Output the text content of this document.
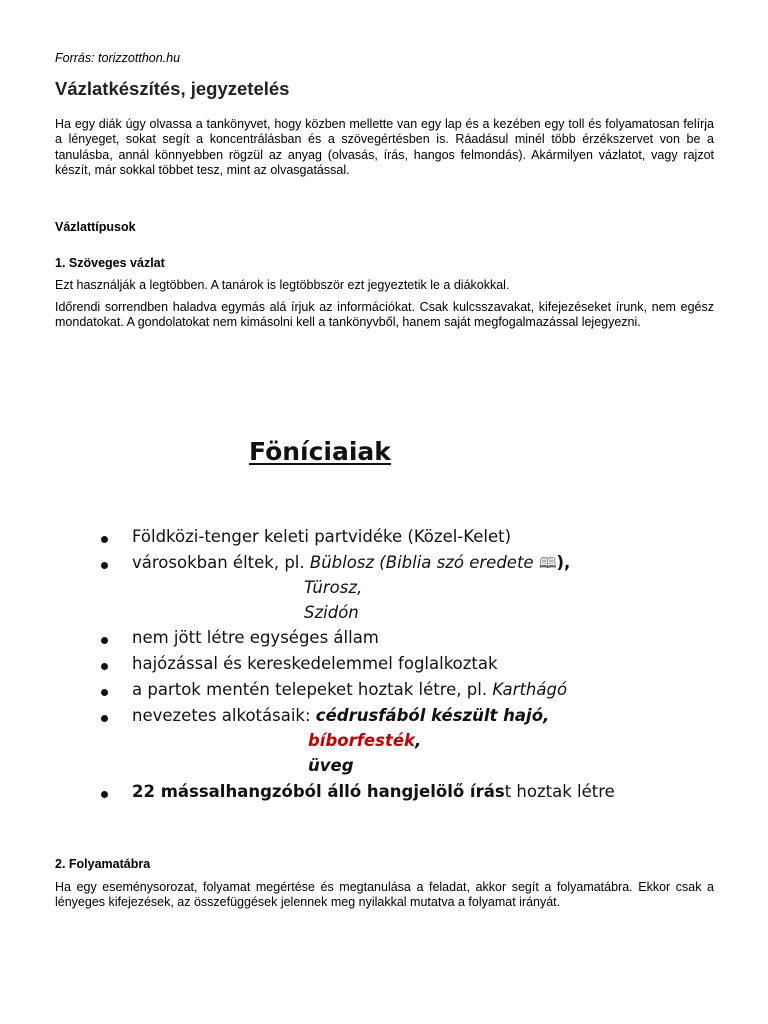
Forrás: torizzotthon.hu
Vázlatkészítés, jegyzetelés

Ha egy diák úgy olvassa a tankönyvet, hogy közben mellette van egy lap és a kezében egy toll és folyamatosan felírja a lényeget, sokat segít a koncentrálásban és a szövegértésben is. Ráadásul minél több érzékszervet von be a tanulásba, annál könnyebben rögzül az anyag (olvasás, írás, hangos felmondás). Akármilyen vázlatot, vagy rajzot készít, már sokkal többet tesz, mint az olvasgatással.

Vázlattípusok
1. Szöveges vázlat

Ezt használják a legtöbben. A tanárok is legtöbbször ezt jegyeztetik le a diákokkal.

Időrendi sorrendben haladva egymás alá írjuk az információkat. Csak kulcsszavakat, kifejezéseket írunk, nem egész mondatokat. A gondolatokat nem kimásolni kell a tankönyvből, hanem saját megfogalmazással lejegyezni.

Föníciaiak
Földközi-tenger keleti partvidéke (Közel-Kelet)
városokban éltek, pl. Büblosz (Biblia szó eredete 🕮),
Türosz,
Szidón
nem jött létre egységes állam
hajózással és kereskedelemmel foglalkoztak
a partok mentén telepeket hoztak létre, pl. Karthágó
nevezetes alkotásaik: cédrusfából készült hajó,
bíborfesték,
üveg
22 mássalhangzóból álló hangjelölő írást hoztak létre
2. Folyamatábra

Ha egy eseménysorozat, folyamat megértése és megtanulása a feladat, akkor segít a folyamatábra. Ekkor csak a lényeges kifejezések, az összefüggések jelennek meg nyilakkal mutatva a folyamat irányát.
